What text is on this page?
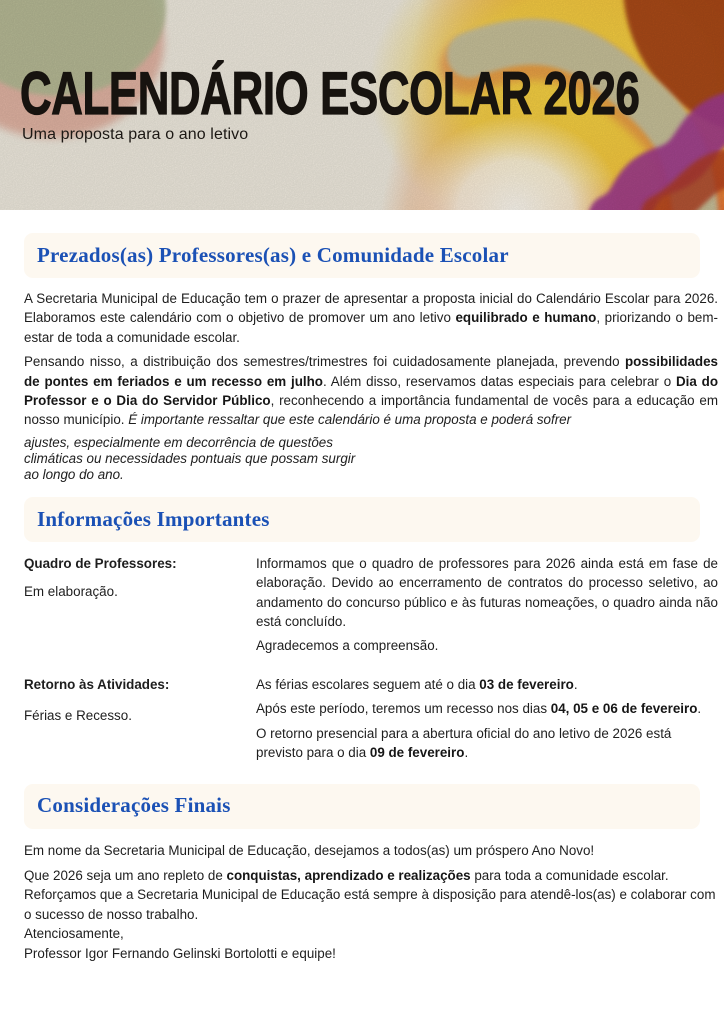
CALENDÁRIO ESCOLAR 2026
Uma proposta para o ano letivo
Prezados(as) Professores(as) e Comunidade Escolar

A Secretaria Municipal de Educação tem o prazer de apresentar a proposta inicial do Calendário Escolar para 2026. Elaboramos este calendário com o objetivo de promover um ano letivo equilibrado e humano, priorizando o bem-estar de toda a comunidade escolar.

Pensando nisso, a distribuição dos semestres/trimestres foi cuidadosamente planejada, prevendo possibilidades de pontes em feriados e um recesso em julho. Além disso, reservamos datas especiais para celebrar o Dia do Professor e o Dia do Servidor Público, reconhecendo a importância fundamental de vocês para a educação em nosso município. É importante ressaltar que este calendário é uma proposta e poderá sofrer

ajustes, especialmente em decorrência de questões climáticas ou necessidades pontuais que possam surgir ao longo do ano.

Informações Importantes
Quadro de Professores:
Em elaboração.

Informamos que o quadro de professores para 2026 ainda está em fase de elaboração. Devido ao encerramento de contratos do processo seletivo, ao andamento do concurso público e às futuras nomeações, o quadro ainda não está concluído.

Agradecemos a compreensão.

Retorno às Atividades:
Férias e Recesso.

As férias escolares seguem até o dia 03 de fevereiro.

Após este período, teremos um recesso nos dias 04, 05 e 06 de fevereiro.

O retorno presencial para a abertura oficial do ano letivo de 2026 está previsto para o dia 09 de fevereiro.

Considerações Finais

Em nome da Secretaria Municipal de Educação, desejamos a todos(as) um próspero Ano Novo!

Que 2026 seja um ano repleto de conquistas, aprendizado e realizações para toda a comunidade escolar. Reforçamos que a Secretaria Municipal de Educação está sempre à disposição para atendê-los(as) e colaborar com o sucesso de nosso trabalho.

Atenciosamente,

Professor Igor Fernando Gelinski Bortolotti e equipe!
